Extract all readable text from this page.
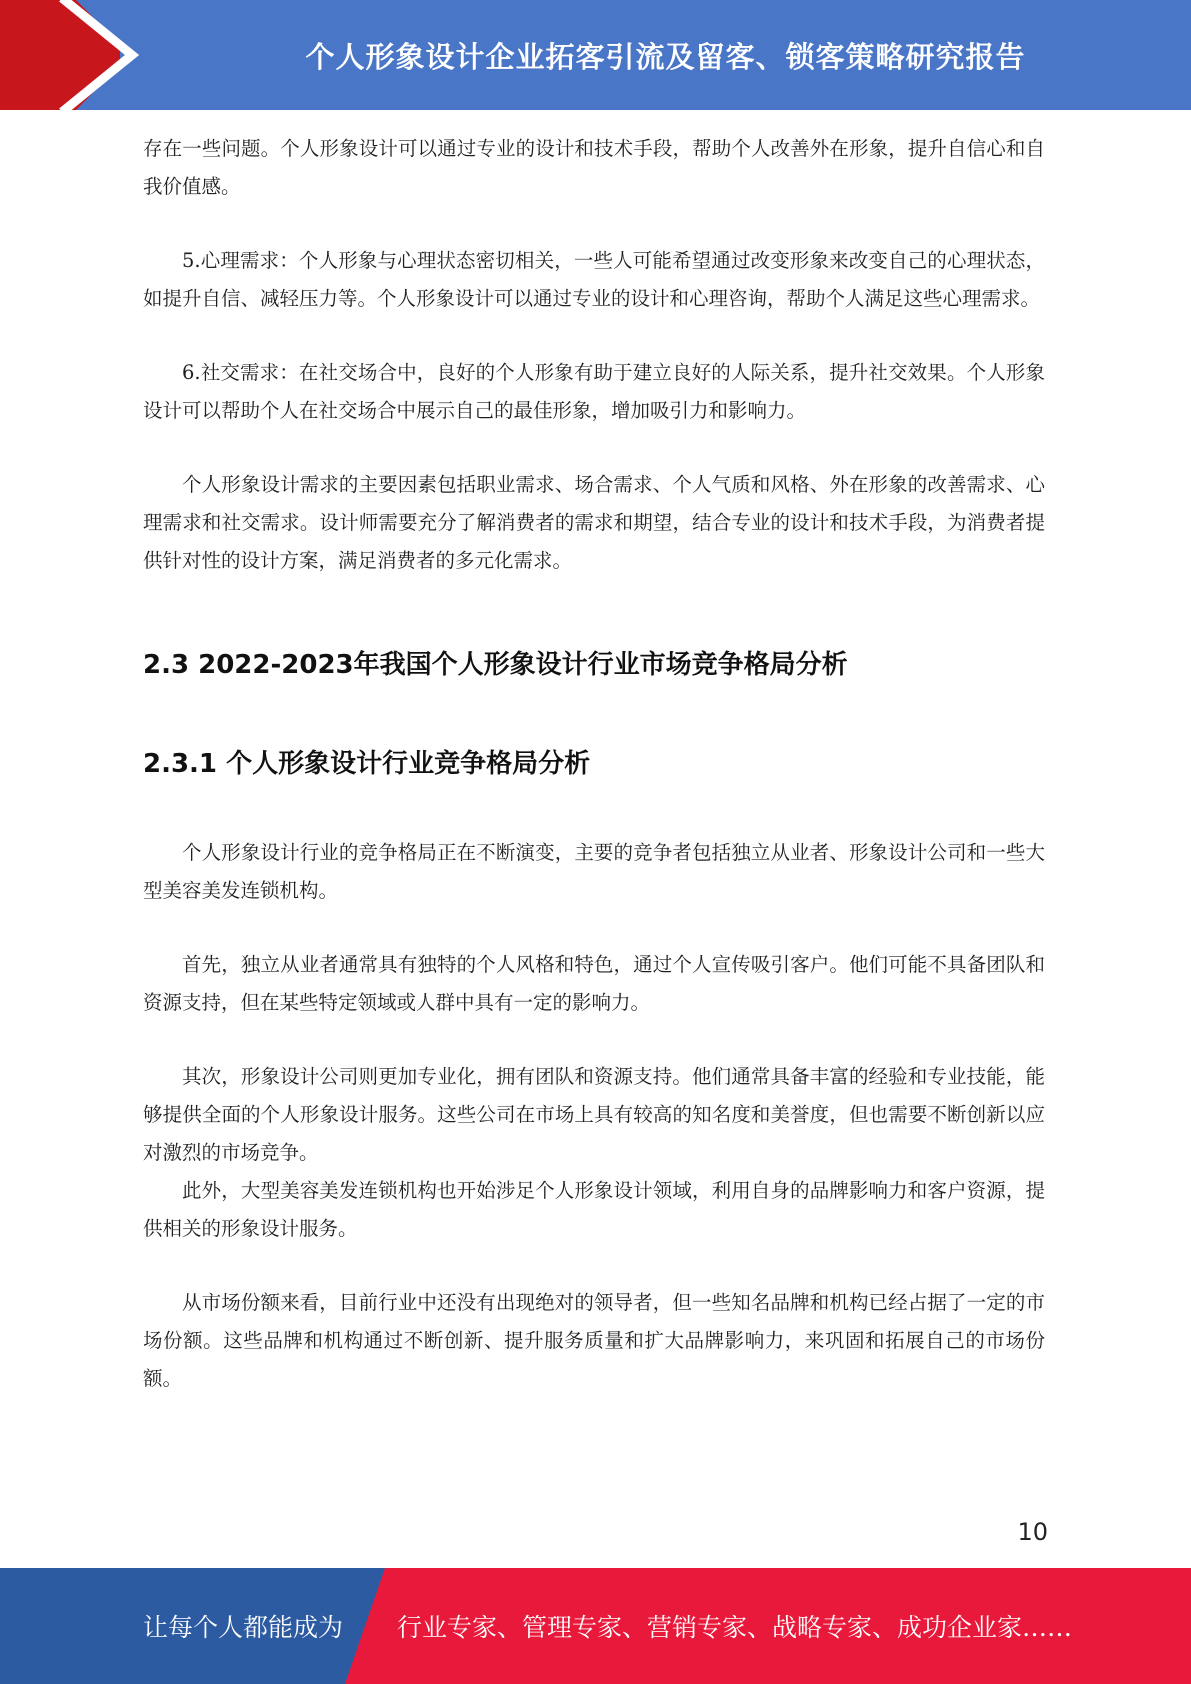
个人形象设计企业拓客引流及留客、锁客策略研究报告

存在一些问题。个人形象设计可以通过专业的设计和技术手段，帮助个人改善外在形象，提升自信心和自我价值感。

5.心理需求：个人形象与心理状态密切相关，一些人可能希望通过改变形象来改变自己的心理状态，如提升自信、减轻压力等。个人形象设计可以通过专业的设计和心理咨询，帮助个人满足这些心理需求。

6.社交需求：在社交场合中，良好的个人形象有助于建立良好的人际关系，提升社交效果。个人形象设计可以帮助个人在社交场合中展示自己的最佳形象，增加吸引力和影响力。

个人形象设计需求的主要因素包括职业需求、场合需求、个人气质和风格、外在形象的改善需求、心理需求和社交需求。设计师需要充分了解消费者的需求和期望，结合专业的设计和技术手段，为消费者提供针对性的设计方案，满足消费者的多元化需求。

2.3 2022-2023年我国个人形象设计行业市场竞争格局分析
2.3.1 个人形象设计行业竞争格局分析

个人形象设计行业的竞争格局正在不断演变，主要的竞争者包括独立从业者、形象设计公司和一些大型美容美发连锁机构。

首先，独立从业者通常具有独特的个人风格和特色，通过个人宣传吸引客户。他们可能不具备团队和资源支持，但在某些特定领域或人群中具有一定的影响力。

其次，形象设计公司则更加专业化，拥有团队和资源支持。他们通常具备丰富的经验和专业技能，能够提供全面的个人形象设计服务。这些公司在市场上具有较高的知名度和美誉度，但也需要不断创新以应对激烈的市场竞争。

此外，大型美容美发连锁机构也开始涉足个人形象设计领域，利用自身的品牌影响力和客户资源，提供相关的形象设计服务。

从市场份额来看，目前行业中还没有出现绝对的领导者，但一些知名品牌和机构已经占据了一定的市场份额。这些品牌和机构通过不断创新、提升服务质量和扩大品牌影响力，来巩固和拓展自己的市场份额。

10
让每个人都能成为 行业专家、管理专家、营销专家、战略专家、成功企业家……
